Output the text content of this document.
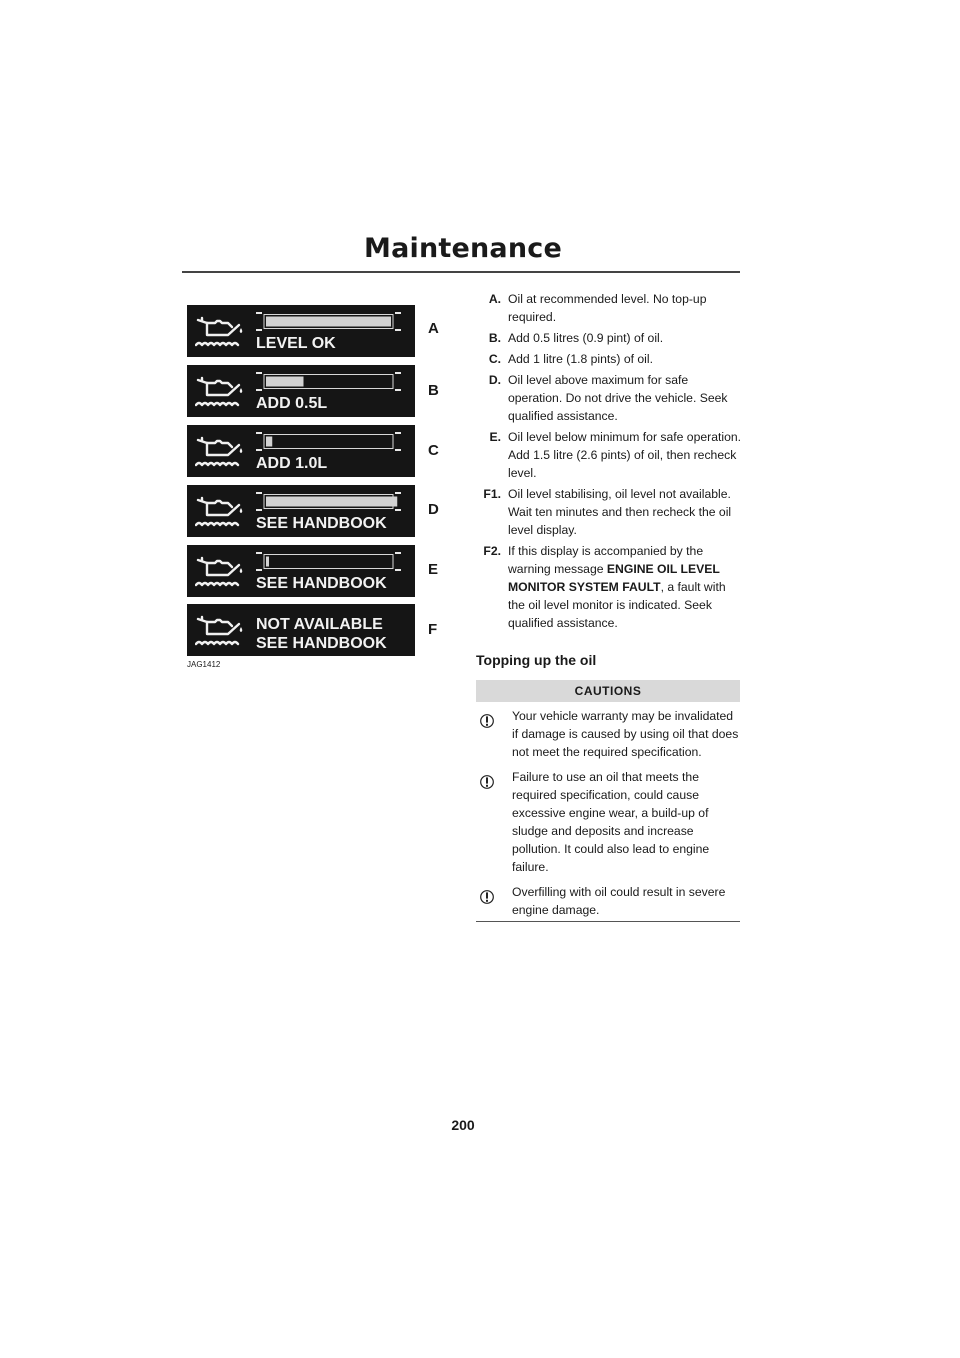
Maintenance
LEVEL OK
A
ADD 0.5L
B
ADD 1.0L
C
SEE HANDBOOK
D
SEE HANDBOOK
E
NOT AVAILABLE
SEE HANDBOOK
F
JAG1412
A. Oil at recommended level. No top-up required.
B. Add 0.5 litres (0.9 pint) of oil.
C. Add 1 litre (1.8 pints) of oil.
D. Oil level above maximum for safe operation. Do not drive the vehicle. Seek qualified assistance.
E. Oil level below minimum for safe operation. Add 1.5 litre (2.6 pints) of oil, then recheck level.
F1. Oil level stabilising, oil level not available. Wait ten minutes and then recheck the oil level display.
F2. If this display is accompanied by the warning message ENGINE OIL LEVEL MONITOR SYSTEM FAULT, a fault with the oil level monitor is indicated. Seek qualified assistance.
Topping up the oil
CAUTIONS
Your vehicle warranty may be invalidated if damage is caused by using oil that does not meet the required specification.
Failure to use an oil that meets the required specification, could cause excessive engine wear, a build-up of sludge and deposits and increase pollution. It could also lead to engine failure.
Overfilling with oil could result in severe engine damage.
200
